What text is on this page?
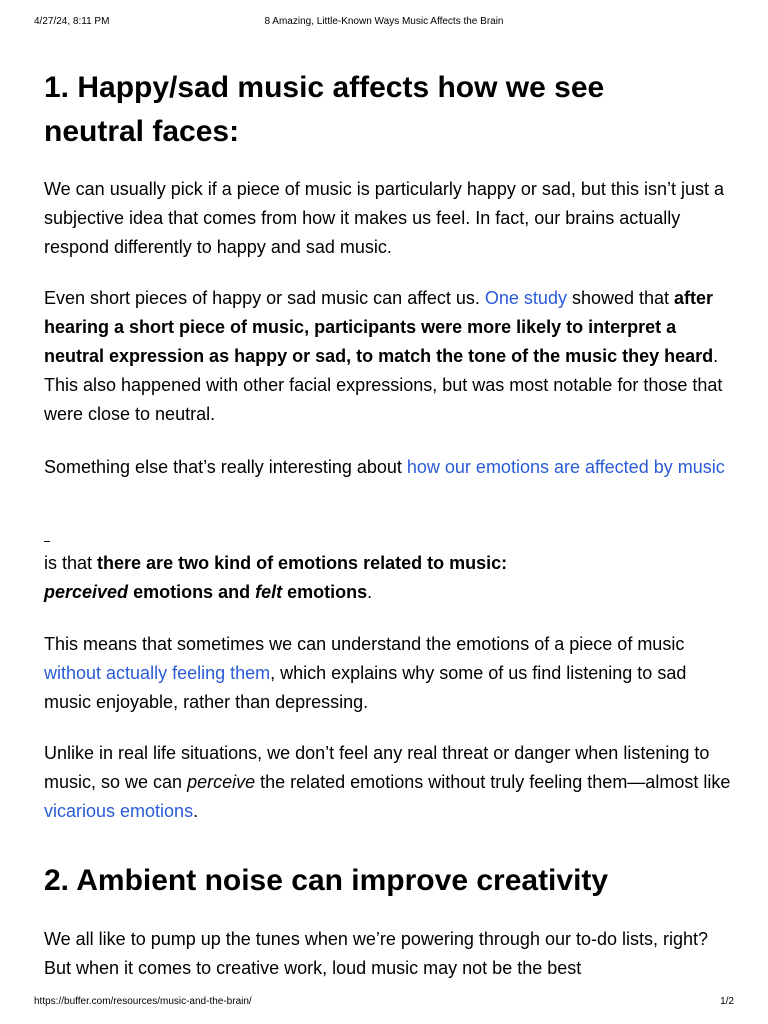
4/27/24, 8:11 PM	8 Amazing, Little-Known Ways Music Affects the Brain
1. Happy/sad music affects how we see neutral faces:

We can usually pick if a piece of music is particularly happy or sad, but this isn’t just a subjective idea that comes from how it makes us feel. In fact, our brains actually respond differently to happy and sad music.

Even short pieces of happy or sad music can affect us. One study showed that after hearing a short piece of music, participants were more likely to interpret a neutral expression as happy or sad, to match the tone of the music they heard. This also happened with other facial expressions, but was most notable for those that were close to neutral.

Something else that’s really interesting about how our emotions are affected by music

is that there are two kind of emotions related to music: perceived emotions and felt emotions.

This means that sometimes we can understand the emotions of a piece of music without actually feeling them, which explains why some of us find listening to sad music enjoyable, rather than depressing.

Unlike in real life situations, we don’t feel any real threat or danger when listening to music, so we can perceive the related emotions without truly feeling them—almost like vicarious emotions.

2. Ambient noise can improve creativity

We all like to pump up the tunes when we’re powering through our to-do lists, right? But when it comes to creative work, loud music may not be the best

https://buffer.com/resources/music-and-the-brain/	1/2
